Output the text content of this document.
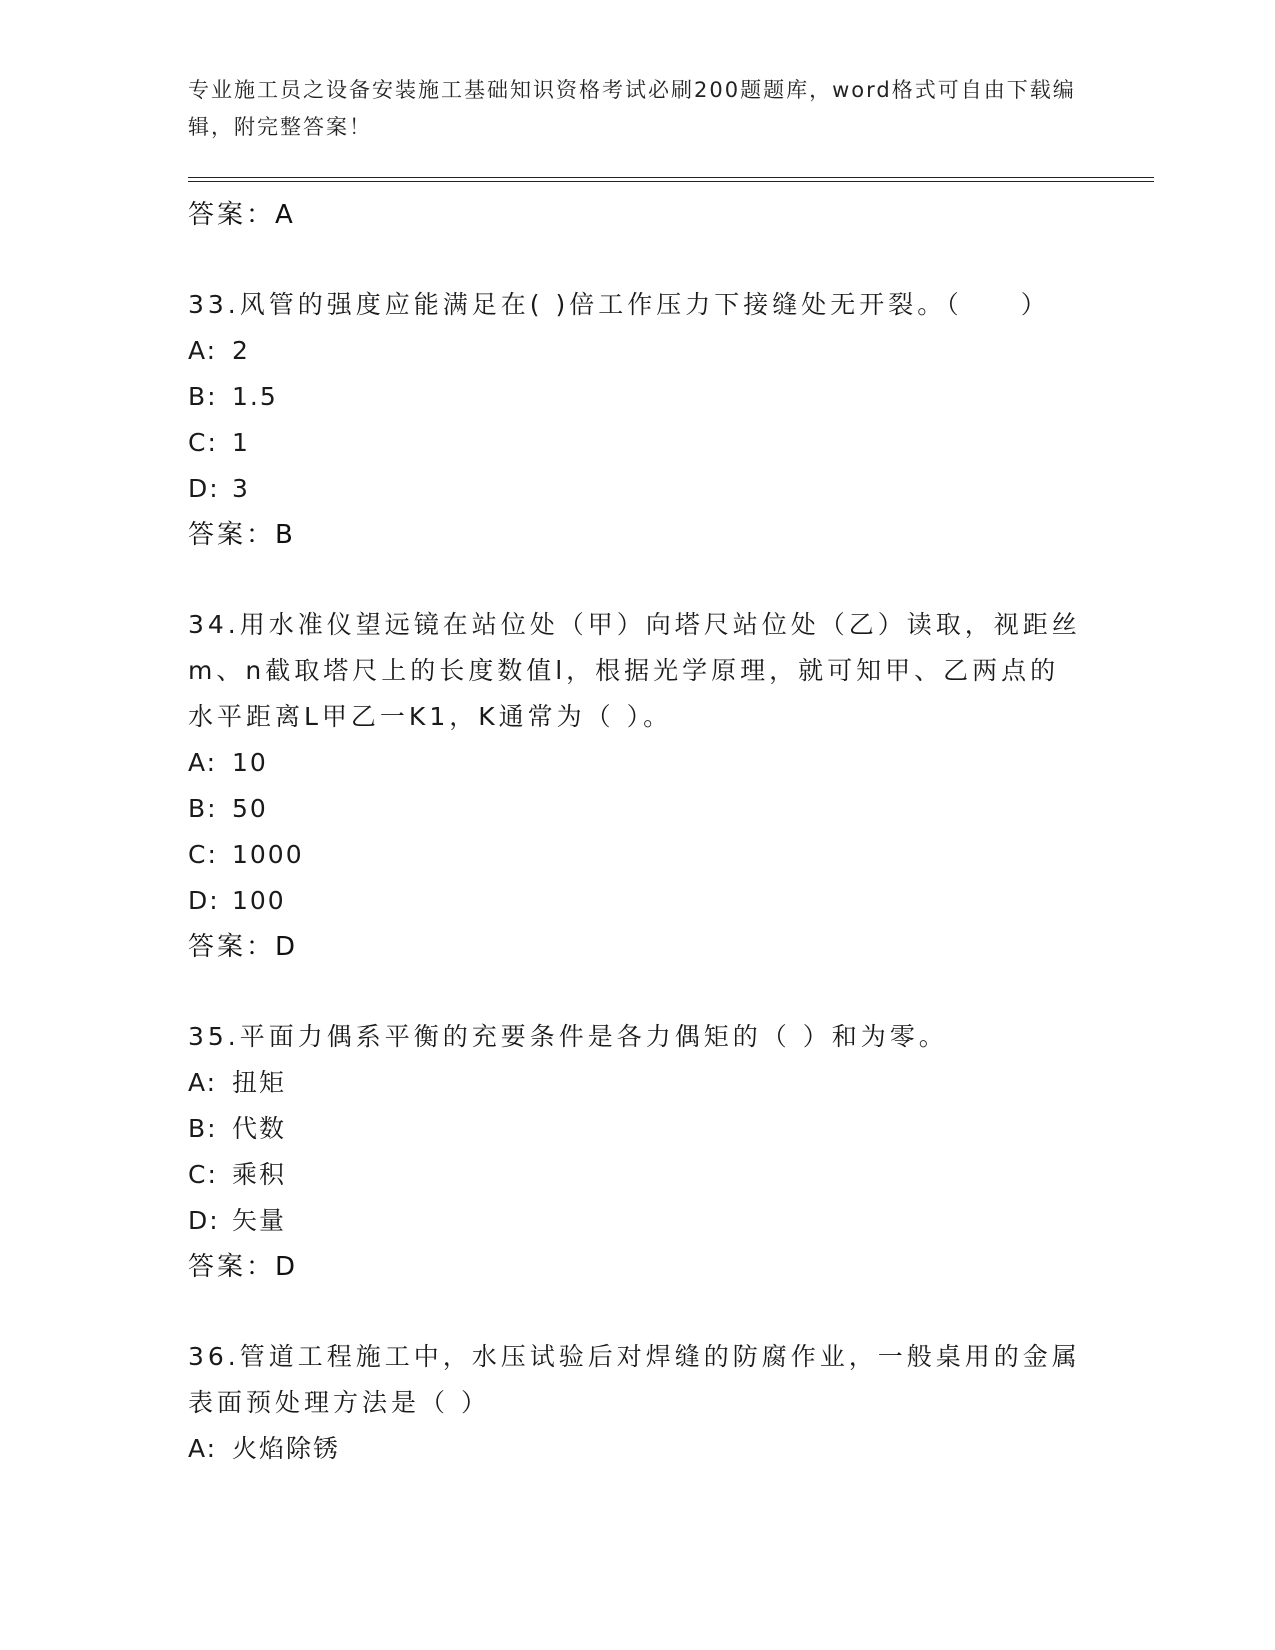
专业施工员之设备安装施工基础知识资格考试必刷200题题库，word格式可自由下载编辑，附完整答案！
答案：A
33.风管的强度应能满足在( )倍工作压力下接缝处无开裂。（　　）
A: 2
B: 1.5
C: 1
D: 3
答案：B
34.用水准仪望远镜在站位处（甲）向塔尺站位处（乙）读取，视距丝m、n截取塔尺上的长度数值l，根据光学原理，就可知甲、乙两点的水平距离L甲乙一K1，K通常为（ ）。
A: 10
B: 50
C: 1000
D: 100
答案：D
35.平面力偶系平衡的充要条件是各力偶矩的（ ）和为零。
A: 扭矩
B: 代数
C: 乘积
D: 矢量
答案：D
36.管道工程施工中，水压试验后对焊缝的防腐作业，一般桌用的金属表面预处理方法是（ ）
A: 火焰除锈
